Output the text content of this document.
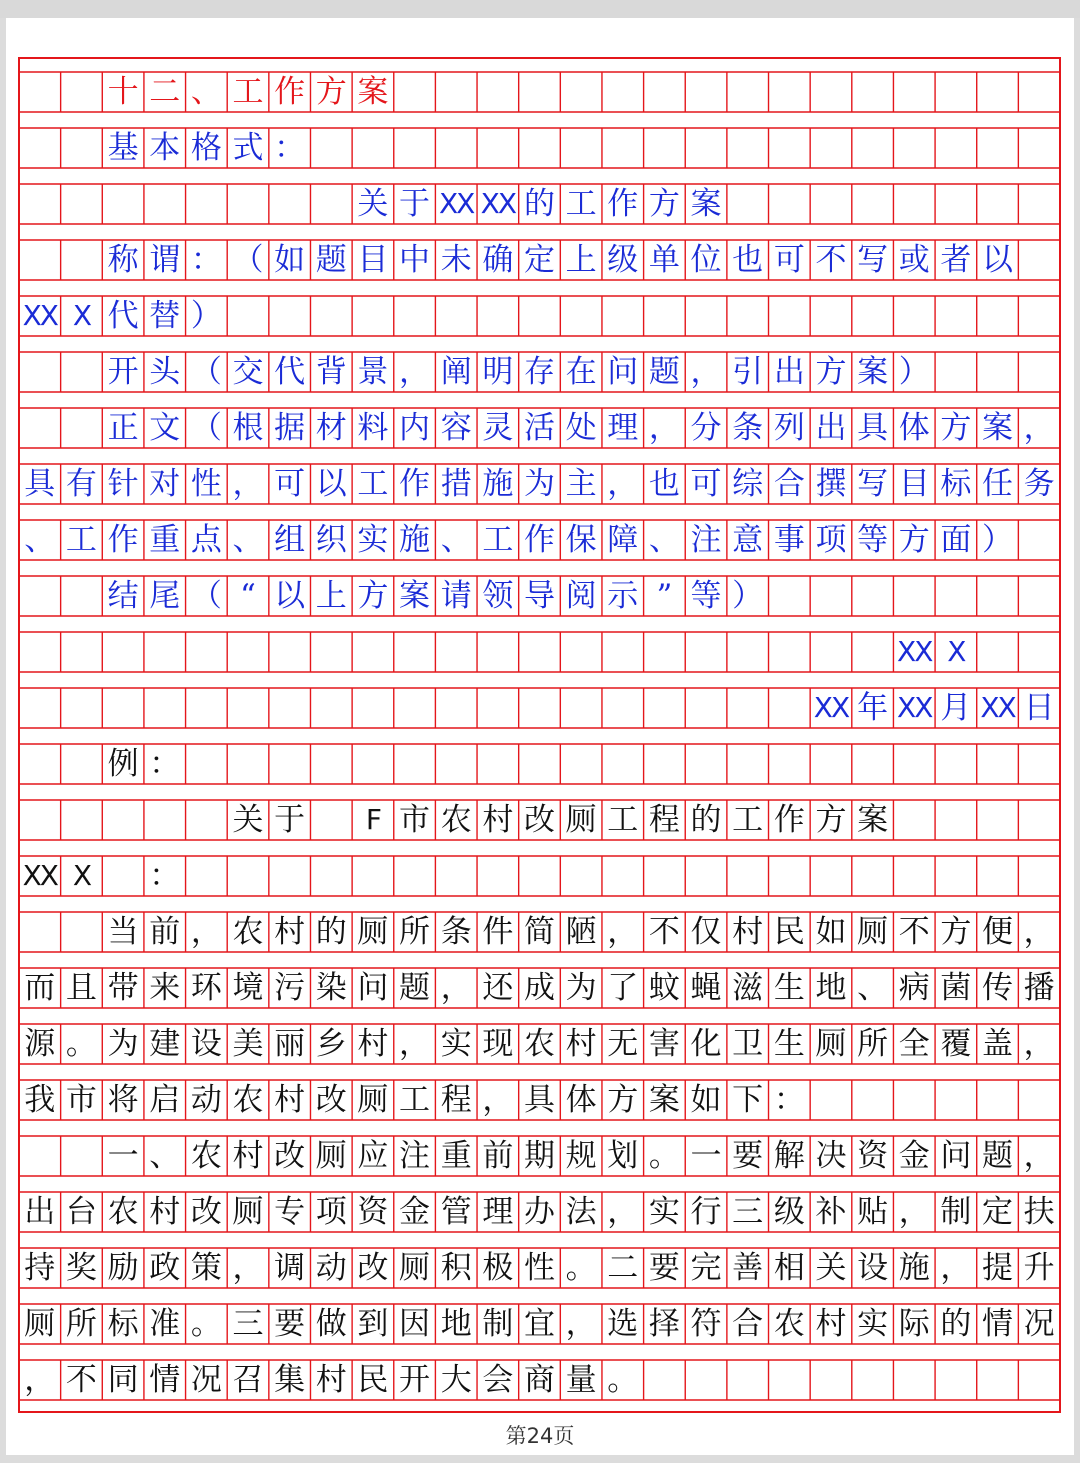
十 二 、 工 作 方 案
基 本 格 式 ：
关 于 XX XX 的 工 作 方 案
称 谓 ： （ 如 题 目 中 未 确 定 上 级 单 位 也 可 不 写 或 者 以
XX X 代 替 ）
开 头 （ 交 代 背 景 ， 阐 明 存 在 问 题 ， 引 出 方 案 ）
正 文 （ 根 据 材 料 内 容 灵 活 处 理 ， 分 条 列 出 具 体 方 案 ，
具 有 针 对 性 ， 可 以 工 作 措 施 为 主 ， 也 可 综 合 撰 写 目 标 任 务
、 工 作 重 点 、 组 织 实 施 、 工 作 保 障 、 注 意 事 项 等 方 面 ）
结 尾 （ “ 以 上 方 案 请 领 导 阅 示 ” 等 ）
XX X
XX 年 XX 月 XX 日
例 ：
关 于	F 市 农 村 改 厕 工 程 的 工 作 方 案
XX X	：
当 前 ， 农 村 的 厕 所 条 件 简 陋 ， 不 仅 村 民 如 厕 不 方 便 ，
而 且 带 来 环 境 污 染 问 题 ， 还 成 为 了 蚊 蝇 滋 生 地 、 病 菌 传 播
源 。 为 建 设 美 丽 乡 村 ， 实 现 农 村 无 害 化 卫 生 厕 所 全 覆 盖 ，
我 市 将 启 动 农 村 改 厕 工 程 ， 具 体 方 案 如 下 ：
一 、 农 村 改 厕 应 注 重 前 期 规 划 。 一 要 解 决 资 金 问 题 ，
出 台 农 村 改 厕 专 项 资 金 管 理 办 法 ， 实 行 三 级 补 贴 ， 制 定 扶
持 奖 励 政 策 ， 调 动 改 厕 积 极 性 。 二 要 完 善 相 关 设 施 ， 提 升
厕 所 标 准 。 三 要 做 到 因 地 制 宜 ， 选 择 符 合 农 村 实 际 的 情 况
， 不 同 情 况 召 集 村 民 开 大 会 商 量 。
第24页
